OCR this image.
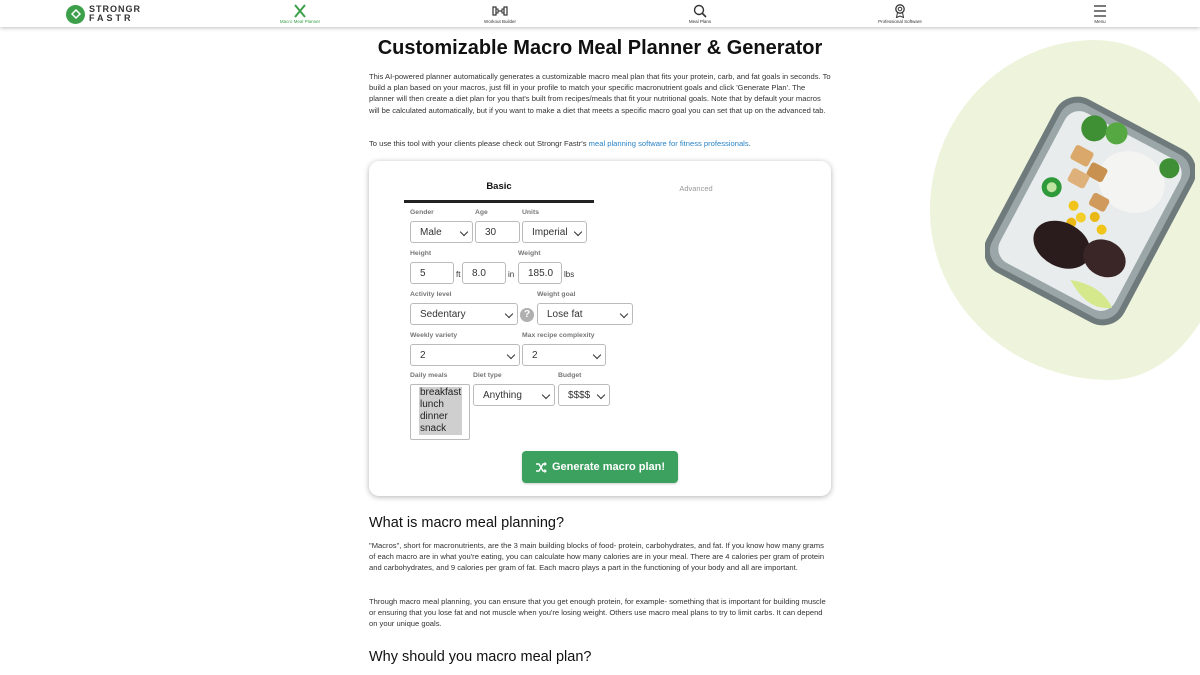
STRONGR
FASTR	Macro Meal Planner	Workout Builder	Meal Plans	Professional Software	Menu
Customizable Macro Meal Planner & Generator

This AI-powered planner automatically generates a customizable macro meal plan that fits your protein, carb, and fat goals in seconds. To build a plan based on your macros, just fill in your profile to match your specific macronutrient goals and click 'Generate Plan'. The planner will then create a diet plan for you that's built from recipes/meals that fit your nutritional goals. Note that by default your macros will be calculated automatically, but if you want to make a diet that meets a specific macro goal you can set that up on the advanced tab.

To use this tool with your clients please check out Strongr Fastr's meal planning software for fitness professionals.

Basic	Advanced
Gender
Male
Age
30
Units
Imperial
Height
5	ft 8.0	in
Weight
185.0 lbs
Activity level
Sedentary	?
Weight goal
Lose fat
Weekly variety
2
Max recipe complexity
2
Daily meals
breakfast
lunch
dinner
snack
Diet type
Anything
Budget
$$$$
Generate macro plan!
What is macro meal planning?

"Macros", short for macronutrients, are the 3 main building blocks of food- protein, carbohydrates, and fat. If you know how many grams of each macro are in what you're eating, you can calculate how many calories are in your meal. There are 4 calories per gram of protein and carbohydrates, and 9 calories per gram of fat. Each macro plays a part in the functioning of your body and all are important.

Through macro meal planning, you can ensure that you get enough protein, for example- something that is important for building muscle or ensuring that you lose fat and not muscle when you're losing weight. Others use macro meal plans to try to limit carbs. It can depend on your unique goals.

Why should you macro meal plan?
